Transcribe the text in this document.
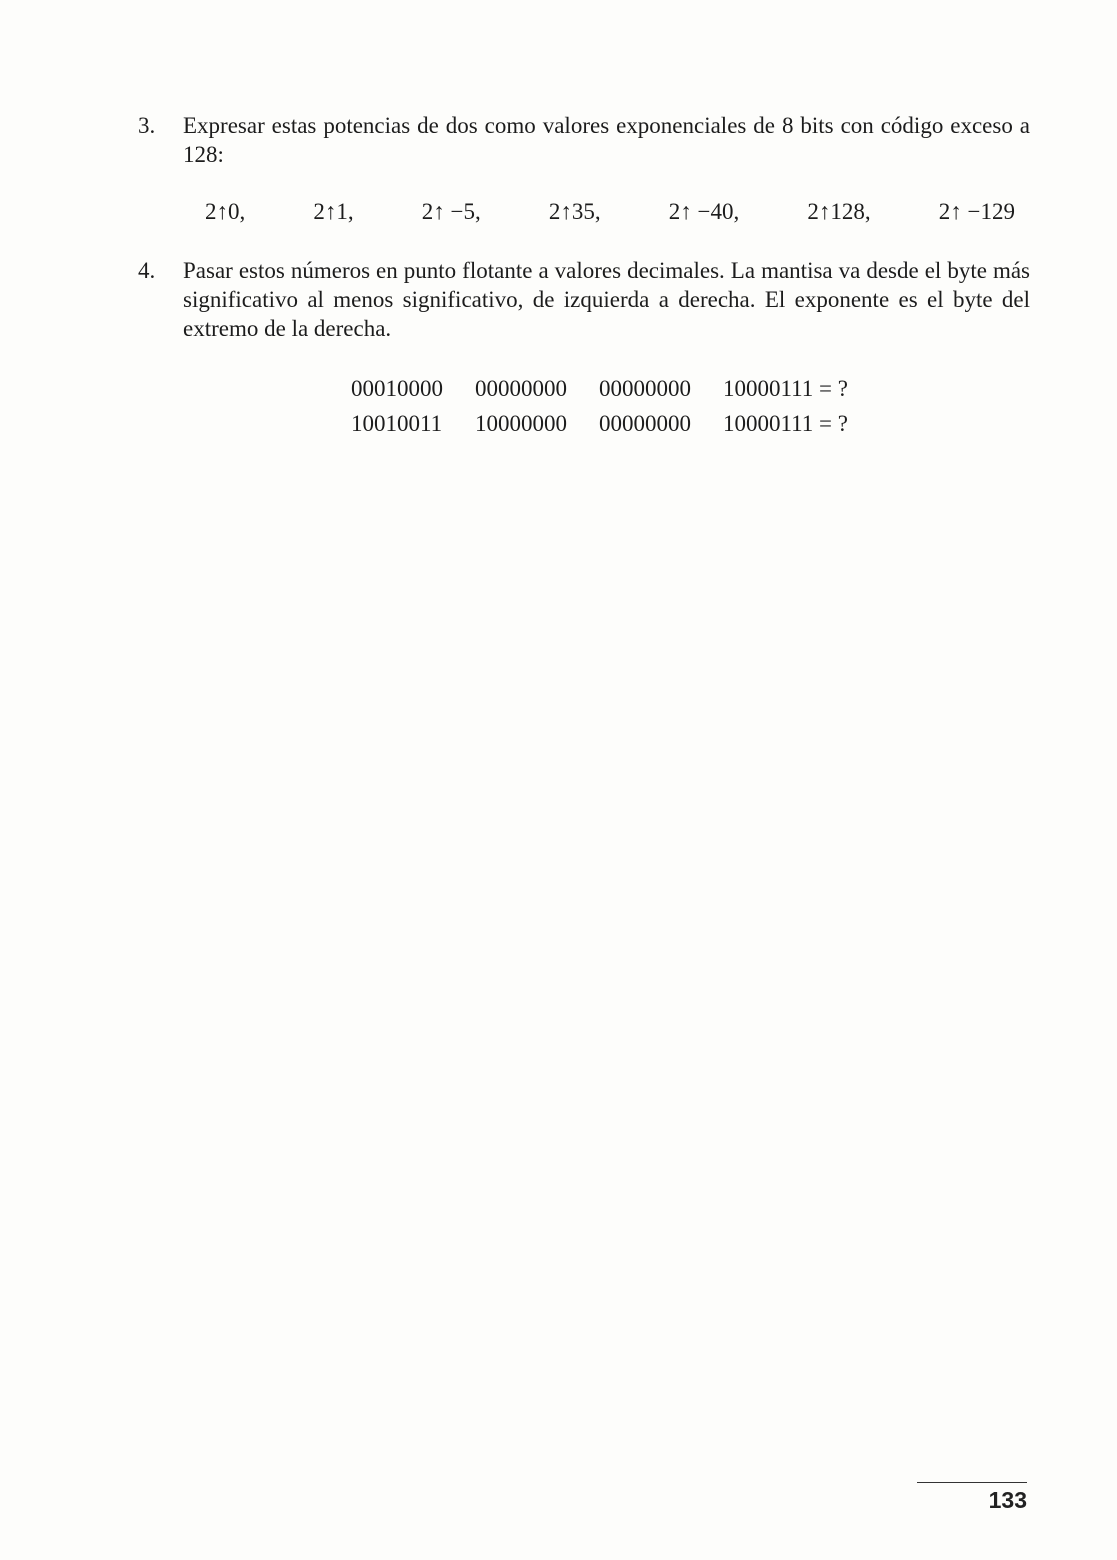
3. Expresar estas potencias de dos como valores exponenciales de 8 bits con código exceso a 128:
2↑0,	2↑1,	2↑ −5,	2↑35,	2↑ −40,	2↑128,	2↑ −129
4. Pasar estos números en punto flotante a valores decimales. La mantisa va desde el byte más significativo al menos significativo, de izquierda a derecha. El exponente es el byte del extremo de la derecha.
00010000	00000000	00000000	10000111 = ?
10010011	10000000	00000000	10000111 = ?
133
